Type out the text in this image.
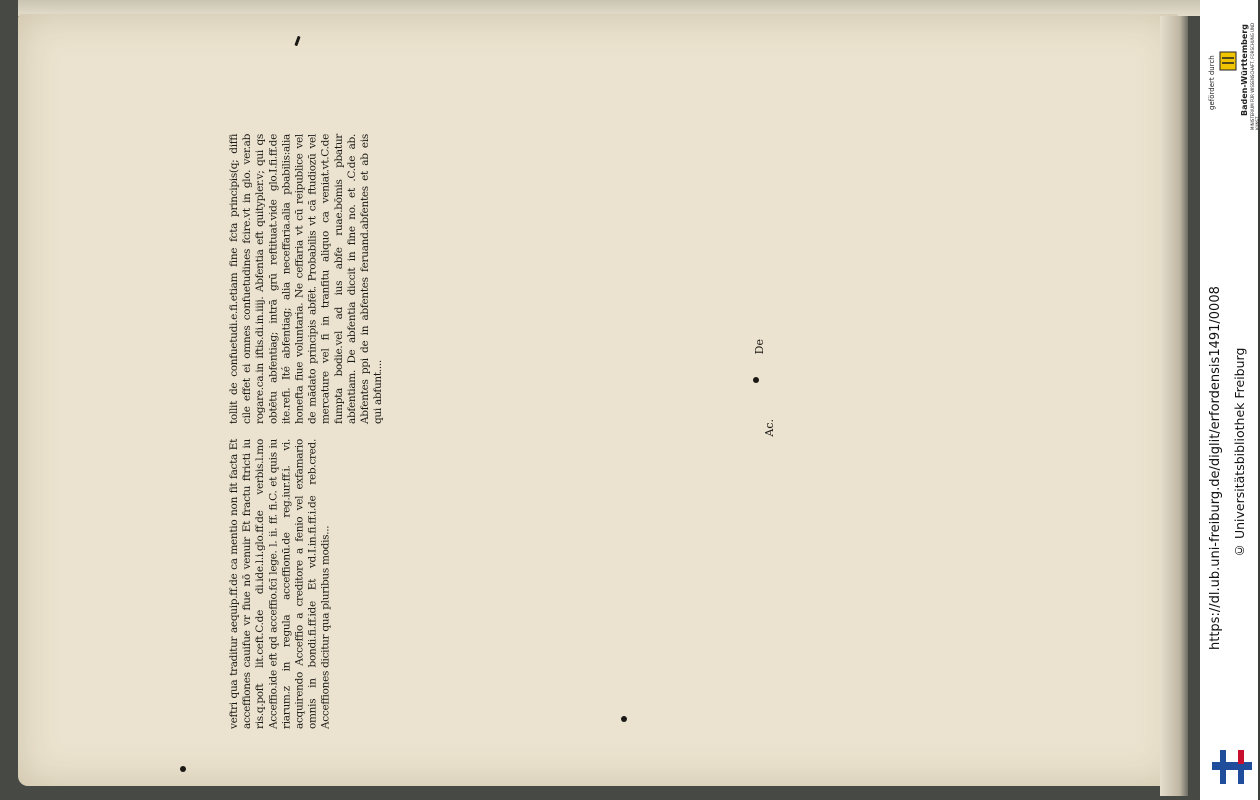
tollit de confuetudi.e.fi.etiam fine fcta principis(q; diffi cile effet ei omnes confuetudines fcire.vt in glo. ver.ab rogare.ca.in iftis.di.in.iiij. Abfentia eft quitypler.v; qui qs obtētu abfentiag; intrā grū reftituat.vide glo.I.fi.ff.de ite.refi. Ité abfentiag; alia neceffaria.alia pbabilis:alia honefta fiue voluntaria. Ne ceffaria vt cū reipublice vel de mādato principis abfēt. Probabilis vt cā ftudiozū vel mercature vel fi in tranfitu aliquo ca veniat.vt.C.de fumpta bodie.vel ad ius abfe ruae.bōmis pbatur abfentiam. De abfentia diccit in fine no. et .C.de ab. Abfentes ppi de in abfentes feruand.abfentes et ab eis qui abfunt....
veftri qua traditur aequip.ff.de ca mentio non fit facta Et acceffiones cauifue vr fiue nō venuir Et fractu ftricti iu ris.q.poft lit.ceft.C.de di.ide.l.i.glo.ff.de verbis.l.mo Acceffio.ide eft qd acceffio.fcī lege. l. ii. ff. fi.C. et quis iu riarum.z in regula acceffionū.de reg.iur.ff.i. vi. acquirendo Acceffio a creditore a fenio vel exfamario omnis in bondi.fi.ff.ide Et vd.I.in.fi.ff.i.de reb.cred. Acceffiones dicitur qua pluribus modis...
De
Ac.
gefördert durch	Baden-Württemberg MINISTERIUM FÜR WISSENSCHAFT, FORSCHUNG UND KUNST
https://dl.ub.uni-freiburg.de/diglit/erfordensis1491/0008 © Universitätsbibliothek Freiburg
